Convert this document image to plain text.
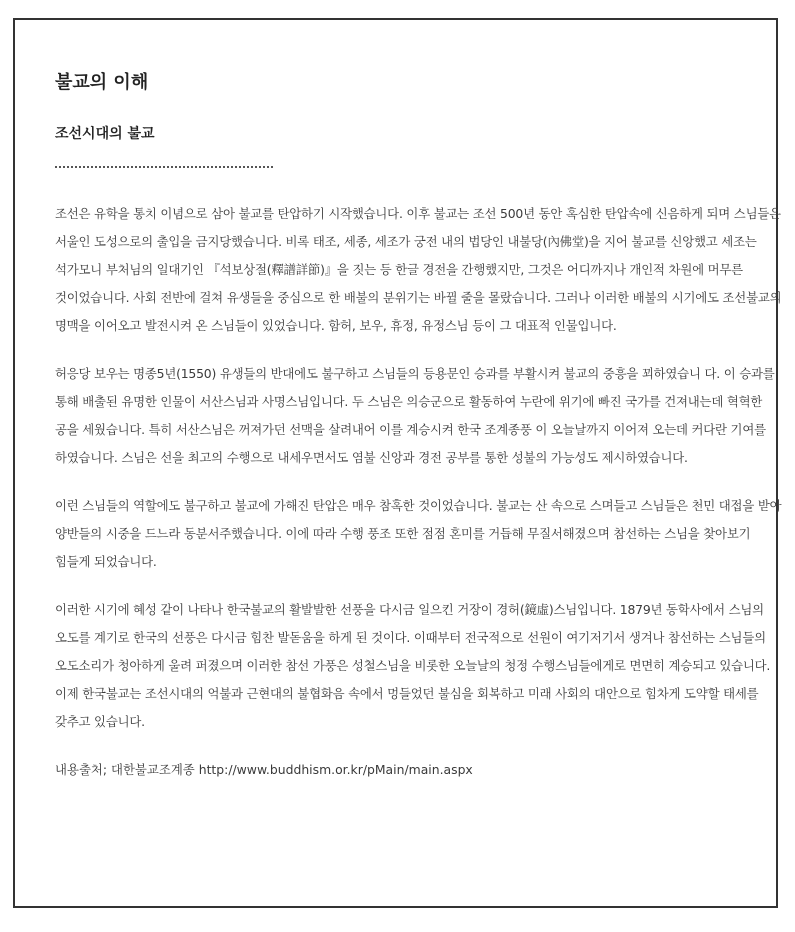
불교의 이해
조선시대의 불교

조선은 유학을 통치 이념으로 삼아 불교를 탄압하기 시작했습니다. 이후 불교는 조선 500년 동안 혹심한 탄압속에 신음하게 되며 스님들은 서울인 도성으로의 출입을 금지당했습니다. 비록 태조, 세종, 세조가 궁전 내의 법당인 내불당(內佛堂)을 지어 불교를 신앙했고 세조는 석가모니 부처님의 일대기인 『석보상절(釋譜詳節)』을 짓는 등 한글 경전을 간행했지만, 그것은 어디까지나 개인적 차원에 머무른 것이었습니다. 사회 전반에 걸쳐 유생들을 중심으로 한 배불의 분위기는 바뀔 줄을 몰랐습니다. 그러나 이러한 배불의 시기에도 조선불교의 명맥을 이어오고 발전시켜 온 스님들이 있었습니다. 함허, 보우, 휴정, 유정스님 등이 그 대표적 인물입니다.

허응당 보우는 명종5년(1550) 유생들의 반대에도 불구하고 스님들의 등용문인 승과를 부활시켜 불교의 중흥을 꾀하였습니 다. 이 승과를 통해 배출된 유명한 인물이 서산스님과 사명스님입니다. 두 스님은 의승군으로 활동하여 누란에 위기에 빠진 국가를 건져내는데 혁혁한 공을 세웠습니다. 특히 서산스님은 꺼져가던 선맥을 살려내어 이를 계승시켜 한국 조계종풍 이 오늘날까지 이어져 오는데 커다란 기여를 하였습니다. 스님은 선을 최고의 수행으로 내세우면서도 염불 신앙과 경전 공부를 통한 성불의 가능성도 제시하였습니다.

이런 스님들의 역할에도 불구하고 불교에 가해진 탄압은 매우 참혹한 것이었습니다. 불교는 산 속으로 스며들고 스님들은 천민 대접을 받아 양반들의 시중을 드느라 동분서주했습니다. 이에 따라 수행 풍조 또한 점점 혼미를 거듭해 무질서해졌으며 참선하는 스님을 찾아보기 힘들게 되었습니다.

이러한 시기에 혜성 같이 나타나 한국불교의 활발발한 선풍을 다시금 일으킨 거장이 경허(鏡虛)스님입니다. 1879년 동학사에서 스님의 오도를 계기로 한국의 선풍은 다시금 힘찬 발돋움을 하게 된 것이다. 이때부터 전국적으로 선원이 여기저기서 생겨나 참선하는 스님들의 오도소리가 청아하게 울려 퍼졌으며 이러한 참선 가풍은 성철스님을 비롯한 오늘날의 청정 수행스님들에게로 면면히 계승되고 있습니다. 이제 한국불교는 조선시대의 억불과 근현대의 불협화음 속에서 멍들었던 불심을 회복하고 미래 사회의 대안으로 힘차게 도약할 태세를 갖추고 있습니다.

내용출처; 대한불교조계종 http://www.buddhism.or.kr/pMain/main.aspx
